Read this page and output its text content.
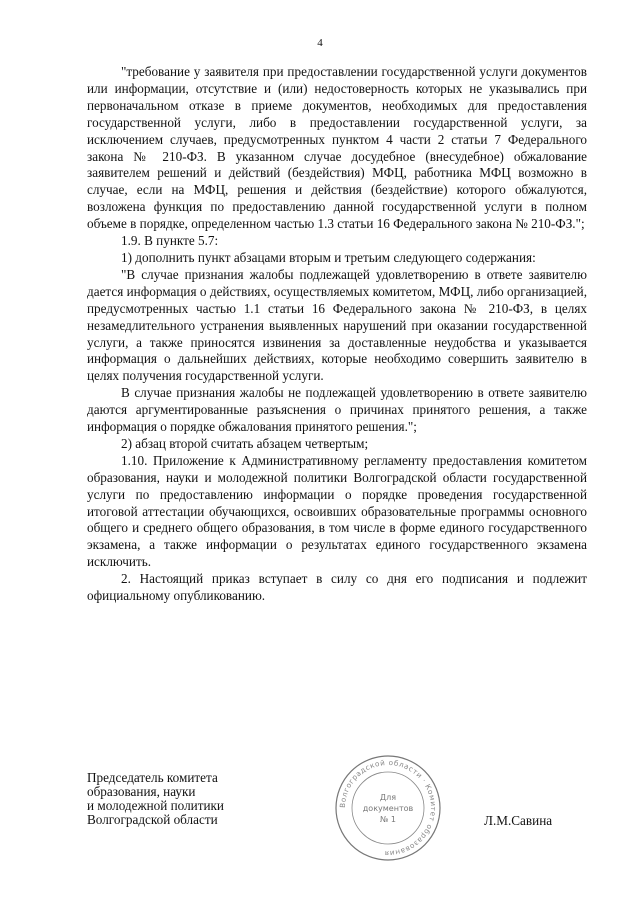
4

"требование у заявителя при предоставлении государственной услуги документов или информации, отсутствие и (или) недостоверность которых не указывались при первоначальном отказе в приеме документов, необходимых для предоставления государственной услуги, либо в предоставлении государственной услуги, за исключением случаев, предусмотренных пунктом 4 части 2 статьи 7 Федерального закона № 210-ФЗ. В указанном случае досудебное (внесудебное) обжалование заявителем решений и действий (бездействия) МФЦ, работника МФЦ возможно в случае, если на МФЦ, решения и действия (бездействие) которого обжалуются, возложена функция по предоставлению данной государственной услуги в полном объеме в порядке, определенном частью 1.3 статьи 16 Федерального закона № 210-ФЗ.";

1.9. В пункте 5.7:

1) дополнить пункт абзацами вторым и третьим следующего содержания:

"В случае признания жалобы подлежащей удовлетворению в ответе заявителю дается информация о действиях, осуществляемых комитетом, МФЦ, либо организацией, предусмотренных частью 1.1 статьи 16 Федерального закона № 210-ФЗ, в целях незамедлительного устранения выявленных нарушений при оказании государственной услуги, а также приносятся извинения за доставленные неудобства и указывается информация о дальнейших действиях, которые необходимо совершить заявителю в целях получения государственной услуги.

В случае признания жалобы не подлежащей удовлетворению в ответе заявителю даются аргументированные разъяснения о причинах принятого решения, а также информация о порядке обжалования принятого решения.";

2) абзац второй считать абзацем четвертым;

1.10. Приложение к Административному регламенту предоставления комитетом образования, науки и молодежной политики Волгоградской области государственной услуги по предоставлению информации о порядке проведения государственной итоговой аттестации обучающихся, освоивших образовательные программы основного общего и среднего общего образования, в том числе в форме единого государственного экзамена, а также информации о результатах единого государственного экзамена исключить.

2. Настоящий приказ вступает в силу со дня его подписания и подлежит официальному опубликованию.

Председатель комитета
образования, науки
и молодежной политики
Волгоградской области
Волгоградской области · Комитет образования
Для
документов
№ 1	Л.М.Савина
